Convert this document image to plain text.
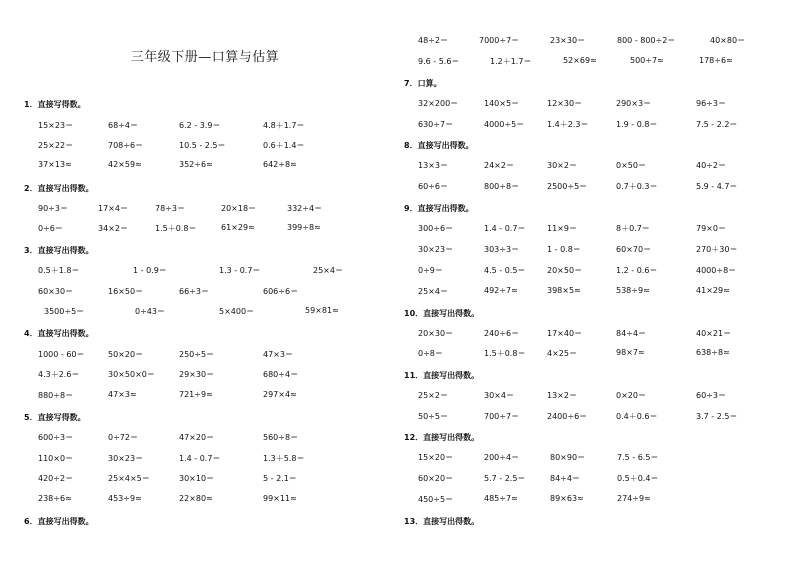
三年级下册—口算与估算
1．直接写得数。
15×23＝	68÷4＝	6.2 - 3.9＝	4.8＋1.7＝
25×22＝	708÷6＝	10.5 - 2.5＝	0.6＋1.4＝
37×13≈	42×59≈	352÷6≈	642÷8≈
2．直接写出得数。
90÷3＝	17×4＝	78÷3＝	20×18＝	332÷4＝
0÷6＝	34×2＝	1.5＋0.8＝	61×29≈	399÷8≈
3．直接写出得数。
0.5＋1.8＝	1 - 0.9＝	1.3 - 0.7＝	25×4＝
60×30＝	16×50＝	66÷3＝	606÷6＝
3500÷5＝	0÷43＝	5×400＝	59×81≈
4．直接写出得数。
1000 - 60＝	50×20＝	250÷5＝	47×3＝
4.3＋2.6＝	30×50×0＝	29×30＝	680÷4＝
880÷8＝	47×3≈	721÷9≈	297×4≈
5．直接写得数。
600÷3＝	0÷72＝	47×20＝	560÷8＝
110×0＝	30×23＝	1.4 - 0.7＝	1.3＋5.8＝
420÷2＝	25×4×5＝	30×10＝	5 - 2.1＝
238÷6≈	453÷9≈	22×80≈	99×11≈
6．直接写出得数。
48÷2＝	7000÷7＝	23×30＝	800 - 800÷2＝	40×80＝
9.6 - 5.6＝	1.2＋1.7＝	52×69≈	500÷7≈	178÷6≈
7．口算。
32×200＝	140×5＝	12×30＝	290×3＝	96÷3＝
630÷7＝	4000÷5＝	1.4＋2.3＝	1.9 - 0.8＝	7.5 - 2.2＝
8．直接写出得数。
13×3＝	24×2＝	30×2＝	0×50＝	40÷2＝
60÷6＝	800÷8＝	2500÷5＝	0.7＋0.3＝	5.9 - 4.7＝
9．直接写出得数。
300÷6＝	1.4 - 0.7＝	11×9＝	8＋0.7＝	79×0＝
30×23＝	303÷3＝	1 - 0.8＝	60×70＝	270＋30＝
0÷9＝	4.5 - 0.5＝	20×50＝	1.2 - 0.6＝	4000÷8＝
25×4＝	492÷7≈	398×5≈	538÷9≈	41×29≈
10．直接写出得数。
20×30＝	240÷6＝	17×40＝	84÷4＝	40×21＝
0÷8＝	1.5＋0.8＝	4×25＝	98×7≈	638÷8≈
11．直接写出得数。
25×2＝	30×4＝	13×2＝	0×20＝	60÷3＝
50÷5＝	700÷7＝	2400÷6＝	0.4＋0.6＝	3.7 - 2.5＝
12．直接写出得数。
15×20＝	200÷4＝	80×90＝	7.5 - 6.5＝
60×20＝	5.7 - 2.5＝	84÷4＝	0.5＋0.4＝
450÷5＝	485÷7≈	89×63≈	274÷9≈
13．直接写出得数。
